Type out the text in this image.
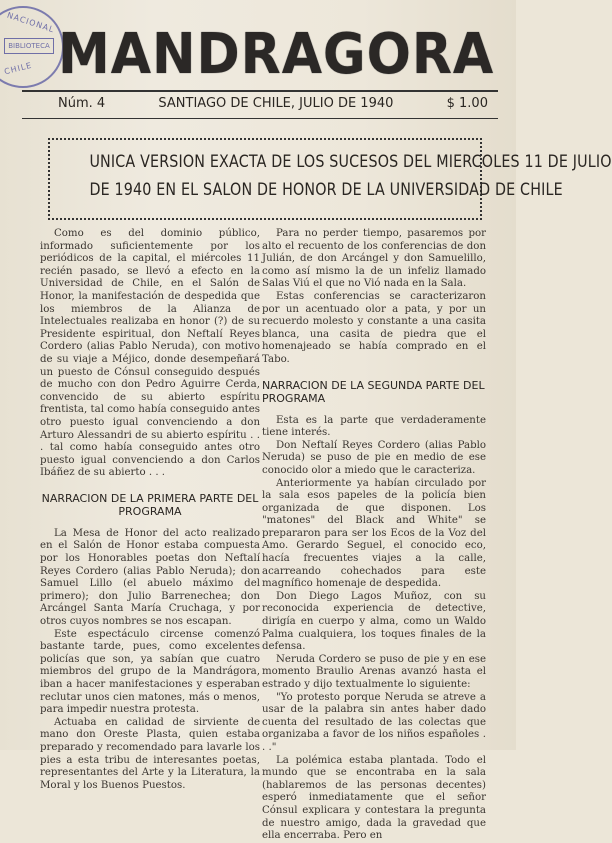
NACIONAL
BIBLIOTECA
CHILE MANDRAGORA
Núm. 4	SANTIAGO DE CHILE, JULIO DE 1940	$ 1.00
UNICA VERSION EXACTA DE LOS SUCESOS DEL MIERCOLES 11 DE JULIO
DE 1940 EN EL SALON DE HONOR DE LA UNIVERSIDAD DE CHILE

Como es del dominio público, informado suficientemente por los periódicos de la capital, el miércoles 11 recién pasado, se llevó a efecto en la Universidad de Chile, en el Salón de Honor, la manifestación de despedida que los miembros de la Alianza de Intelectuales realizaba en honor (?) de su Presidente espiritual, don Neftalí Reyes Cordero (alias Pablo Neruda), con motivo de su viaje a Méjico, donde desempeñará un puesto de Cónsul conseguido después de mucho con don Pedro Aguirre Cerda, convencido de su abierto espíritu frentista, tal como había conseguido antes otro puesto igual convenciendo a don Arturo Alessandri de su abierto espíritu . . . tal como había conseguido antes otro puesto igual convenciendo a don Carlos Ibáñez de su abierto . . .

NARRACION DE LA PRIMERA PARTE DEL PROGRAMA

La Mesa de Honor del acto realizado en el Salón de Honor estaba compuesta por los Honorables poetas don Neftalí Reyes Cordero (alias Pablo Neruda); don Samuel Lillo (el abuelo máximo del primero); don Julio Barrenechea; don Arcángel Santa María Cruchaga, y por otros cuyos nombres se nos escapan.

Este espectáculo circense comenzó bastante tarde, pues, como excelentes policías que son, ya sabían que cuatro miembros del grupo de la Mandrágora, iban a hacer manifestaciones y esperaban reclutar unos cien matones, más o menos, para impedir nuestra protesta.

Actuaba en calidad de sirviente de mano don Oreste Plasta, quien estaba preparado y recomendado para lavarle los pies a esta tribu de interesantes poetas, representantes del Arte y la Literatura, la Moral y los Buenos Puestos.

Para no perder tiempo, pasaremos por alto el recuento de los conferencias de don Julián, de don Arcángel y don Samuelillo, como así mismo la de un infeliz llamado Salas Viú el que no Vió nada en la Sala.

Estas conferencias se caracterizaron por un acentuado olor a pata, y por un recuerdo molesto y constante a una casita blanca, una casita de piedra que el homenajeado se había comprado en el Tabo.

NARRACION DE LA SEGUNDA PARTE DEL PROGRAMA

Esta es la parte que verdaderamente tiene interés.

Don Neftalí Reyes Cordero (alias Pablo Neruda) se puso de pie en medio de ese conocido olor a miedo que le caracteriza.

Anteriormente ya habían circulado por la sala esos papeles de la policía bien organizada de que disponen. Los "matones" del Black and White" se prepararon para ser los Ecos de la Voz del Amo. Gerardo Seguel, el conocido eco, hacía frecuentes viajes a la calle, acarreando cohechados para este magnífico homenaje de despedida.

Don Diego Lagos Muñoz, con su reconocida experiencia de detective, dirigía en cuerpo y alma, como un Waldo Palma cualquiera, los toques finales de la defensa.

Neruda Cordero se puso de pie y en ese momento Braulio Arenas avanzó hasta el estrado y dijo textualmente lo siguiente:

"Yo protesto porque Neruda se atreve a usar de la palabra sin antes haber dado cuenta del resultado de las colectas que organizaba a favor de los niños españoles . . ."

La polémica estaba plantada. Todo el mundo que se encontraba en la sala (hablaremos de las personas decentes) esperó inmediatamente que el señor Cónsul explicara y contestara la pregunta de nuestro amigo, dada la gravedad que ella encerraba. Pero en
